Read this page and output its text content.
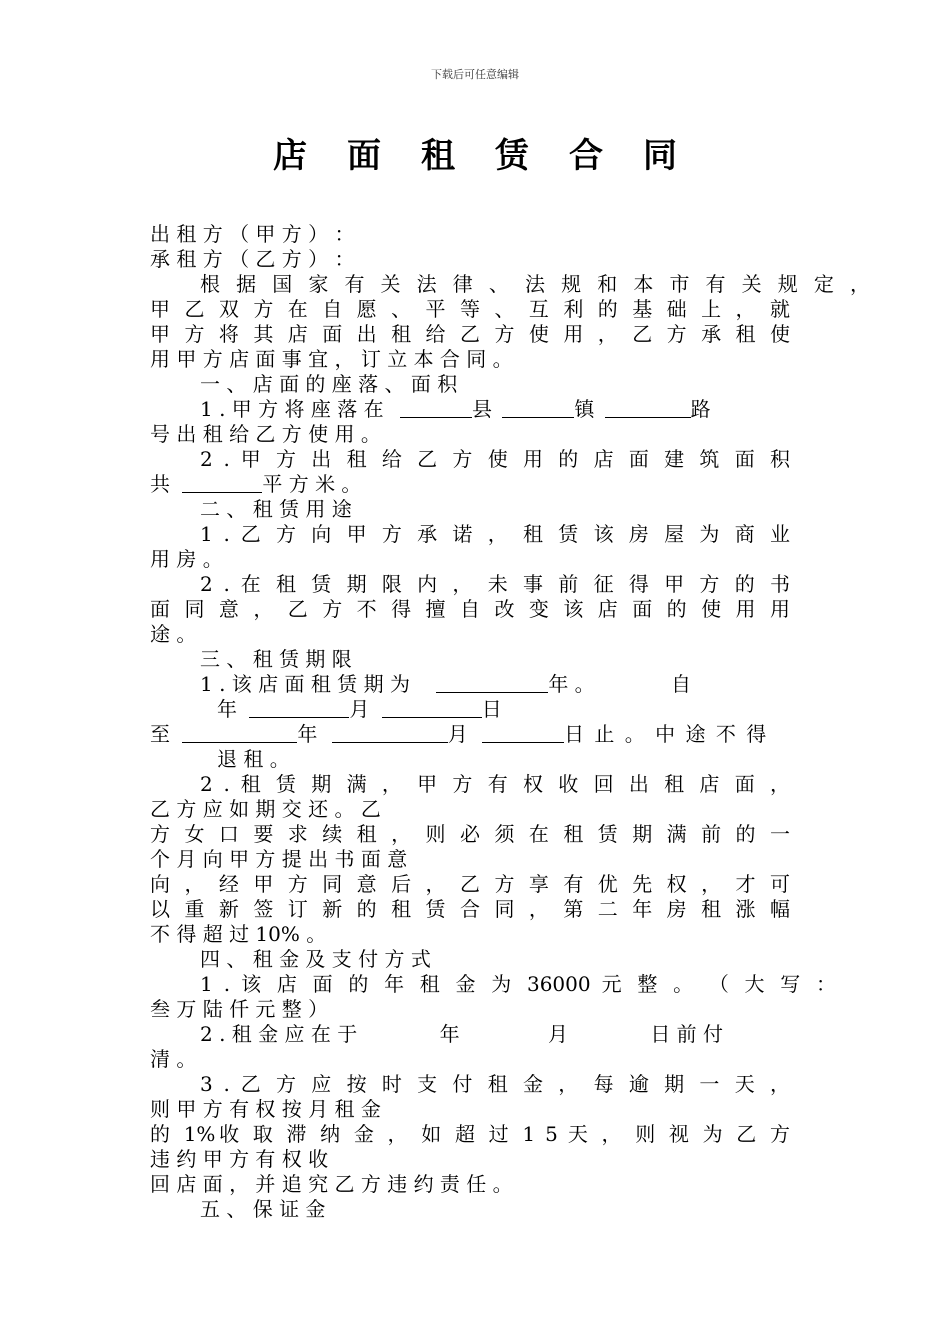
下载后可任意编辑
店 面 租 赁 合 同
出 租 方 （ 甲 方 ） ：
承 租 方 （ 乙 方 ） ：
根 据 国 家 有 关 法 律 、 法 规 和 本 市 有 关 规 定 ，
甲 乙 双 方 在 自 愿 、 平 等 、 互 利 的 基 础 上 ， 就
甲 方 将 其 店 面 出 租 给 乙 方 使 用 ， 乙 方 承 租 使
用 甲 方 店 面 事 宜 ， 订 立 本 合 同 。
一 、 店 面 的 座 落 、 面 积
1 . 甲 方 将 座 落 在	县	镇	路
号 出 租 给 乙 方 使 用 。
2 . 甲 方 出 租 给 乙 方 使 用 的 店 面 建 筑 面 积
共	平 方 米 。
二 、 租 赁 用 途
1 . 乙 方 向 甲 方 承 诺 ， 租 赁 该 房 屋 为 商 业
用 房 。
2 . 在 租 赁 期 限 内 ， 未 事 前 征 得 甲 方 的 书
面 同 意 ， 乙 方 不 得 擅 自 改 变 该 店 面 的 使 用 用
途 。
三 、 租 赁 期 限
1 . 该 店 面 租 赁 期 为	年 。	自
年	月	日
至	年	月	日 止 。 中 途 不 得
退 租 。
2 . 租 赁 期 满 ， 甲 方 有 权 收 回 出 租 店 面 ，
乙 方 应 如 期 交 还 。 乙
方 女 口 要 求 续 租 ， 则 必 须 在 租 赁 期 满 前 的 一
个 月 向 甲 方 提 出 书 面 意
向 ， 经 甲 方 同 意 后 ， 乙 方 享 有 优 先 权 ， 才 可
以 重 新 签 订 新 的 租 赁 合 同 ， 第 二 年 房 租 涨 幅
不 得 超 过 10% 。
四 、 租 金 及 支 付 方 式
1 . 该 店 面 的 年 租 金 为 36000 元 整 。 （ 大 写 ：
叁 万 陆 仟 元 整 ）
2 . 租 金 应 在 于	年	月	日 前 付
清 。
3 . 乙 方 应 按 时 支 付 租 金 ， 每 逾 期 一 天 ，
则 甲 方 有 权 按 月 租 金
的 1%收 取 滞 纳 金 ， 如 超 过 1 5 天 ， 则 视 为 乙 方
违 约 甲 方 有 权 收
回 店 面 ， 并 追 究 乙 方 违 约 责 任 。
五 、 保 证 金
